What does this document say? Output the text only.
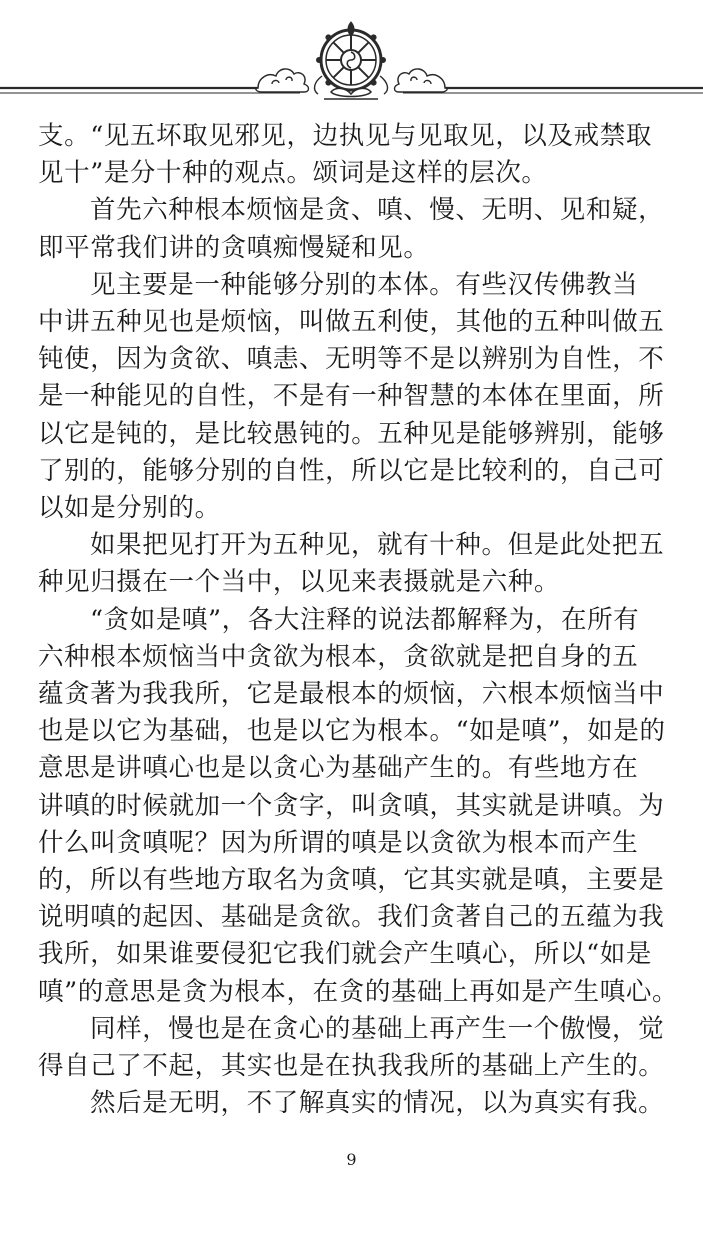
支。“见五坏取见邪见，边执见与见取见，以及戒禁取
见十”是分十种的观点。颂词是这样的层次。
首先六种根本烦恼是贪、嗔、慢、无明、见和疑，
即平常我们讲的贪嗔痴慢疑和见。
见主要是一种能够分别的本体。有些汉传佛教当
中讲五种见也是烦恼，叫做五利使，其他的五种叫做五
钝使，因为贪欲、嗔恚、无明等不是以辨别为自性，不
是一种能见的自性，不是有一种智慧的本体在里面，所
以它是钝的，是比较愚钝的。五种见是能够辨别，能够
了别的，能够分别的自性，所以它是比较利的，自己可
以如是分别的。
如果把见打开为五种见，就有十种。但是此处把五
种见归摄在一个当中，以见来表摄就是六种。
“贪如是嗔”，各大注释的说法都解释为，在所有
六种根本烦恼当中贪欲为根本，贪欲就是把自身的五
蕴贪著为我我所，它是最根本的烦恼，六根本烦恼当中
也是以它为基础，也是以它为根本。“如是嗔”，如是的
意思是讲嗔心也是以贪心为基础产生的。有些地方在
讲嗔的时候就加一个贪字，叫贪嗔，其实就是讲嗔。为
什么叫贪嗔呢？因为所谓的嗔是以贪欲为根本而产生
的，所以有些地方取名为贪嗔，它其实就是嗔，主要是
说明嗔的起因、基础是贪欲。我们贪著自己的五蕴为我
我所，如果谁要侵犯它我们就会产生嗔心，所以“如是
嗔”的意思是贪为根本，在贪的基础上再如是产生嗔心。
同样，慢也是在贪心的基础上再产生一个傲慢，觉
得自己了不起，其实也是在执我我所的基础上产生的。
然后是无明，不了解真实的情况，以为真实有我。
9
